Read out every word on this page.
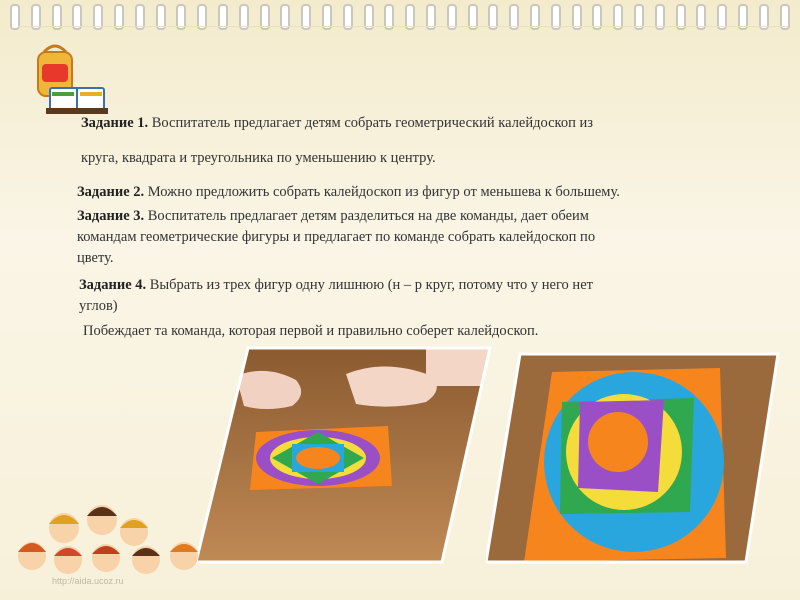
Задание 1. Воспитатель предлагает детям собрать геометрический калейдоскоп из
круга, квадрата и треугольника по уменьшению к центру.
Задание 2. Можно предложить собрать калейдоскоп из фигур от меньшева к большему.
Задание 3. Воспитатель предлагает детям разделиться на две команды, дает обеим
командам геометрические фигуры и предлагает по команде собрать калейдоскоп по
цвету.
Задание 4. Выбрать из трех фигур одну лишнюю (н – р круг, потому что у него нет
углов)
Побеждает та команда, которая первой и правильно соберет калейдоскоп.
http://aida.ucoz.ru
